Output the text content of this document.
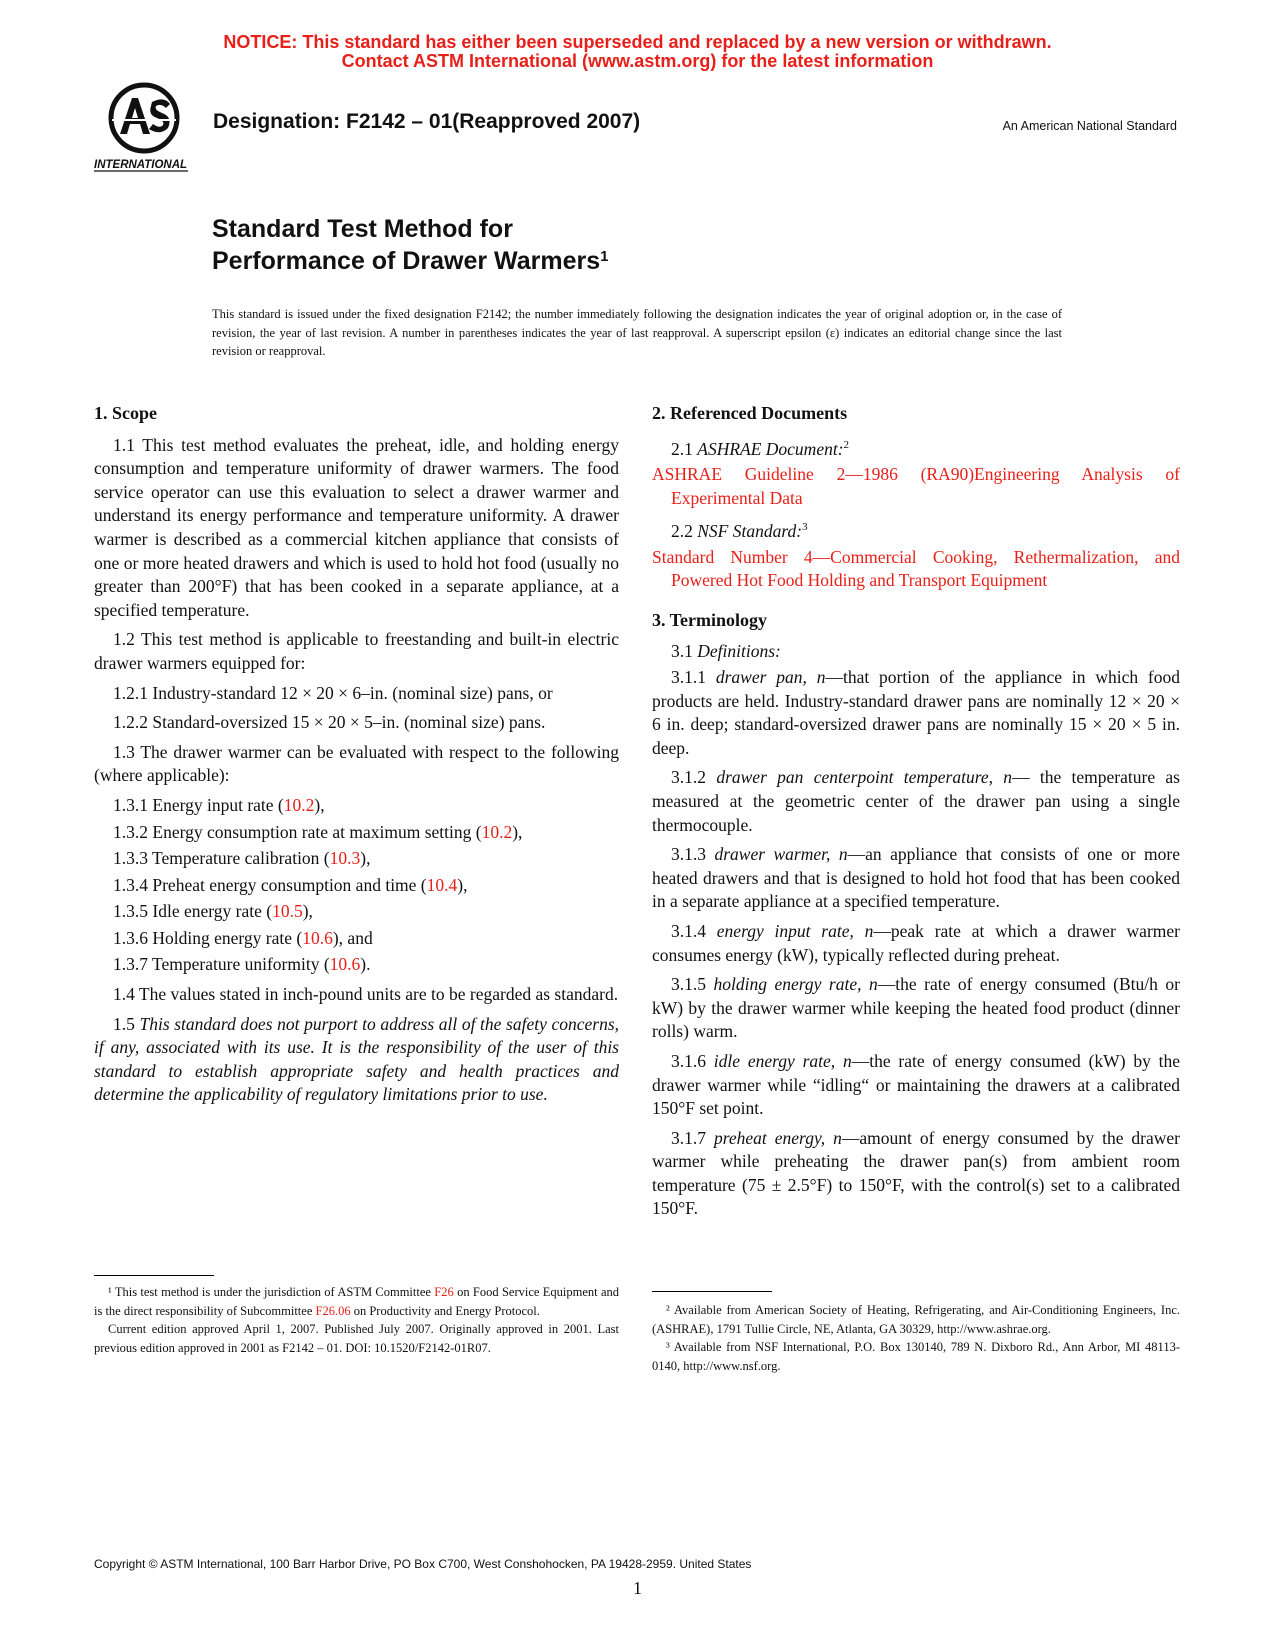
NOTICE: This standard has either been superseded and replaced by a new version or withdrawn.
Contact ASTM International (www.astm.org) for the latest information
INTERNATIONAL
Designation: F2142 – 01(Reapproved 2007)	An American National Standard
Standard Test Method for
Performance of Drawer Warmers$^1$
This standard is issued under the fixed designation F2142; the number immediately following the designation indicates the year of original adoption or, in the case of revision, the year of last revision. A number in parentheses indicates the year of last reapproval. A superscript epsilon (ε) indicates an editorial change since the last revision or reapproval.
1. Scope

1.1 This test method evaluates the preheat, idle, and holding energy consumption and temperature uniformity of drawer warmers. The food service operator can use this evaluation to select a drawer warmer and understand its energy performance and temperature uniformity. A drawer warmer is described as a commercial kitchen appliance that consists of one or more heated drawers and which is used to hold hot food (usually no greater than 200°F) that has been cooked in a separate appliance, at a specified temperature.

1.2 This test method is applicable to freestanding and built-in electric drawer warmers equipped for:

1.2.1 Industry-standard 12 × 20 × 6–in. (nominal size) pans, or

1.2.2 Standard-oversized 15 × 20 × 5–in. (nominal size) pans.

1.3 The drawer warmer can be evaluated with respect to the following (where applicable):

1.3.1 Energy input rate (10.2),

1.3.2 Energy consumption rate at maximum setting (10.2),

1.3.3 Temperature calibration (10.3),

1.3.4 Preheat energy consumption and time (10.4),

1.3.5 Idle energy rate (10.5),

1.3.6 Holding energy rate (10.6), and

1.3.7 Temperature uniformity (10.6).

1.4 The values stated in inch-pound units are to be regarded as standard.

1.5 This standard does not purport to address all of the safety concerns, if any, associated with its use. It is the responsibility of the user of this standard to establish appropriate safety and health practices and determine the applicability of regulatory limitations prior to use.

2. Referenced Documents

2.1 ASHRAE Document:$^2$

ASHRAE Guideline 2—1986 (RA90)Engineering Analysis of Experimental Data

2.2 NSF Standard:$^3$

Standard Number 4—Commercial Cooking, Rethermalization, and Powered Hot Food Holding and Transport Equipment

3. Terminology

3.1 Definitions:

3.1.1 drawer pan, n—that portion of the appliance in which food products are held. Industry-standard drawer pans are nominally 12 × 20 × 6 in. deep; standard-oversized drawer pans are nominally 15 × 20 × 5 in. deep.

3.1.2 drawer pan centerpoint temperature, n— the temperature as measured at the geometric center of the drawer pan using a single thermocouple.

3.1.3 drawer warmer, n—an appliance that consists of one or more heated drawers and that is designed to hold hot food that has been cooked in a separate appliance at a specified temperature.

3.1.4 energy input rate, n—peak rate at which a drawer warmer consumes energy (kW), typically reflected during preheat.

3.1.5 holding energy rate, n—the rate of energy consumed (Btu/h or kW) by the drawer warmer while keeping the heated food product (dinner rolls) warm.

3.1.6 idle energy rate, n—the rate of energy consumed (kW) by the drawer warmer while “idling“ or maintaining the drawers at a calibrated 150°F set point.

3.1.7 preheat energy, n—amount of energy consumed by the drawer warmer while preheating the drawer pan(s) from ambient room temperature (75 ± 2.5°F) to 150°F, with the control(s) set to a calibrated 150°F.

¹ This test method is under the jurisdiction of ASTM Committee F26 on Food Service Equipment and is the direct responsibility of Subcommittee F26.06 on Productivity and Energy Protocol.

Current edition approved April 1, 2007. Published July 2007. Originally approved in 2001. Last previous edition approved in 2001 as F2142 – 01. DOI: 10.1520/F2142-01R07.

² Available from American Society of Heating, Refrigerating, and Air-Conditioning Engineers, Inc. (ASHRAE), 1791 Tullie Circle, NE, Atlanta, GA 30329, http://www.ashrae.org.

³ Available from NSF International, P.O. Box 130140, 789 N. Dixboro Rd., Ann Arbor, MI 48113-0140, http://www.nsf.org.

Copyright © ASTM International, 100 Barr Harbor Drive, PO Box C700, West Conshohocken, PA 19428-2959. United States
1
